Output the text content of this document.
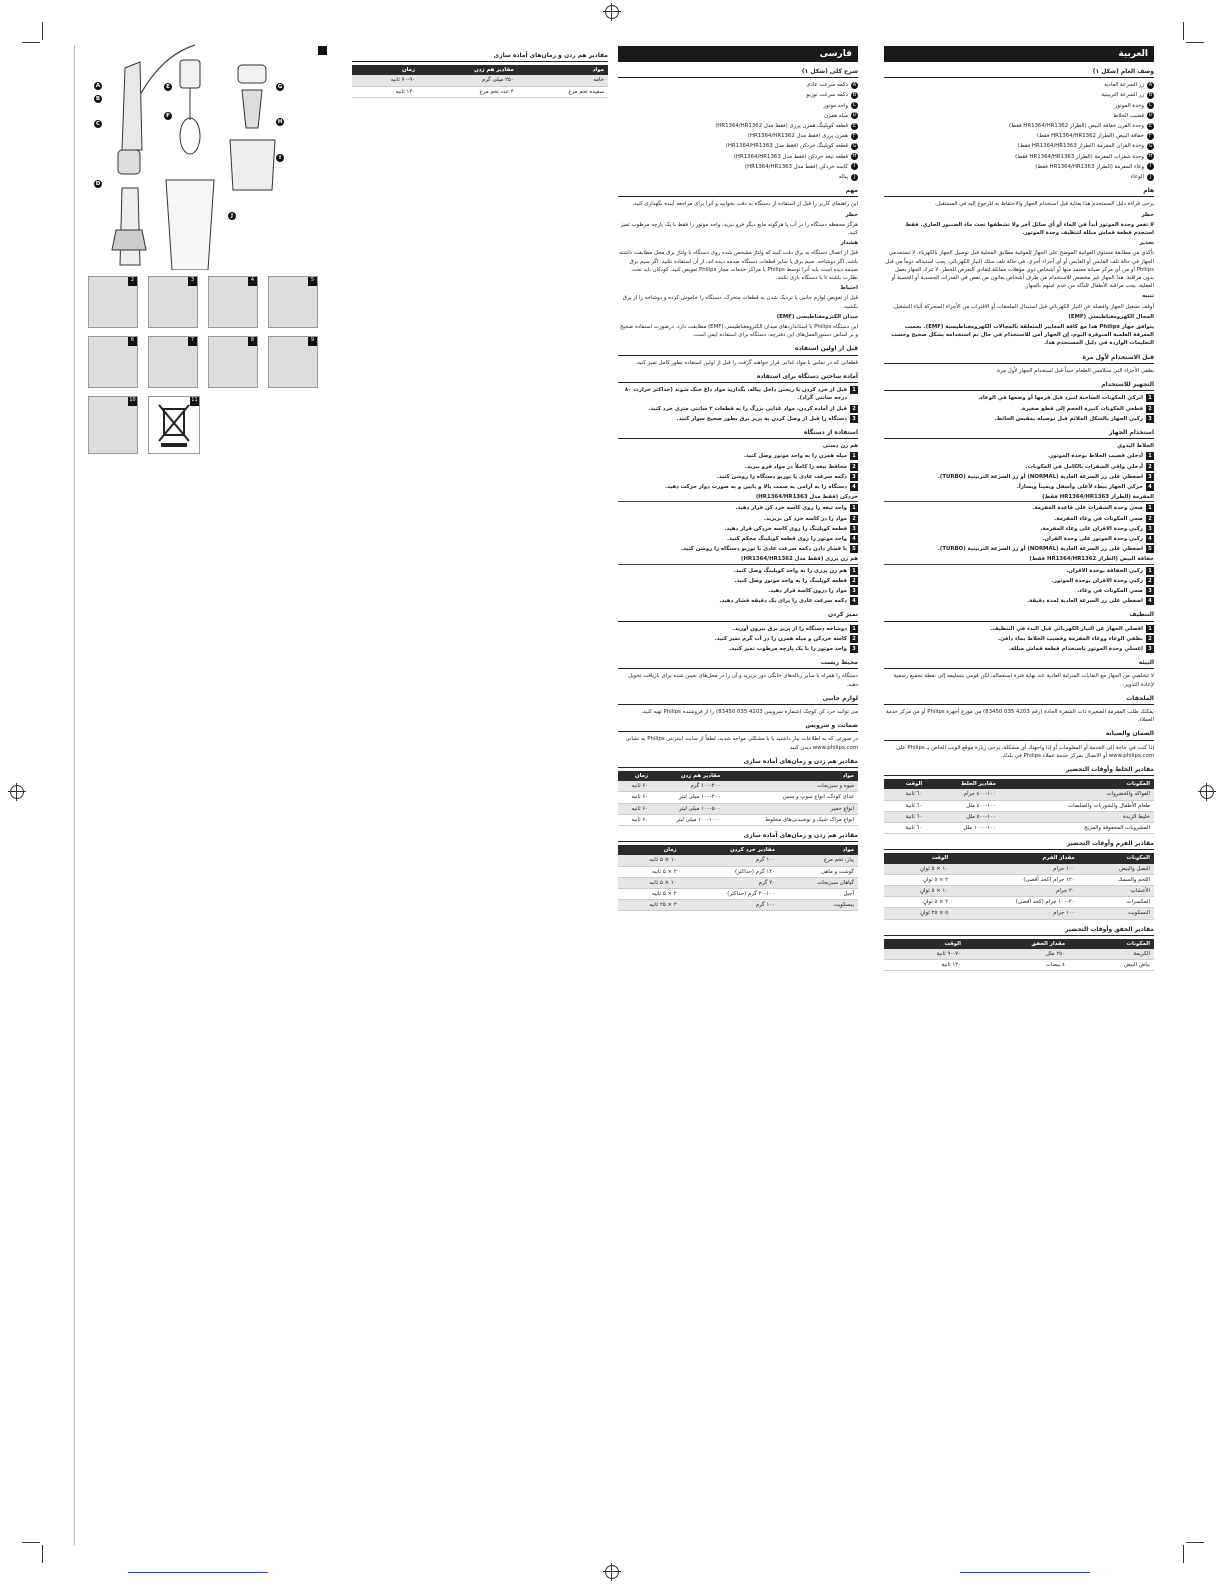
A
B
C
D
E
F
G
H
I
J
2	3	4	5
6	7	8	9
10	11
مقادیر هم زدن و زمان‌های آماده سازی
مواد	مقادیر هم زدن	زمان
خامه	۲۵۰ میلی گرم	۷۰-۹۰ ثانیه
سفیده تخم مرغ	۴ عدد تخم مرغ	۱۲۰ ثانیه
فارسی
شرح کلی (شکل ۱)

A
دکمه سرعت عادی

B
دکمه سرعت توربو

C
واحد موتور

D
میله همزن

E
قطعه کوپلینگ همزن پرزی (فقط مدل HR1364/HR1362)

F
همزن پرزی (فقط مدل HR1364/HR1362)

G
قطعه کوپلینگ خردکن (فقط مدل HR1364/HR1363)

H
قطعه تیغه خردکن (فقط مدل HR1364/HR1363)

I
کاسه خردکن (فقط مدل HR1364/HR1363)

J
پیاله

مهم

این راهنمای کاربر را قبل از استفاده از دستگاه به دقت بخوانید و آنرا برای مراجعه آینده نگهداری کنید.

خطر

هرگز محفظه دستگاه را در آب یا هرگونه مایع دیگر فرو نبرید. واحد موتور را فقط با یک پارچه مرطوب تمیز کنید.

هشدار

قبل از اتصال دستگاه به برق دقت کنید که ولتاژ مشخص شده روی دستگاه با ولتاژ برق محل مطابقت داشته باشد. اگر دوشاخه، سیم برق یا سایر قطعات دستگاه صدمه دیده اند، از آن استفاده نکنید. اگر سیم برق صدمه دیده است باید آنرا توسط Philips یا مراکز خدمات مجاز Philips تعویض کنید. کودکان باید تحت نظارت باشند تا با دستگاه بازی نکنند.

احتیاط

قبل از تعویض لوازم جانبی یا نزدیک شدن به قطعات متحرک، دستگاه را خاموش کرده و دوشاخه را از برق بکشید.

میدان الکترومغناطیسی (EMF)

این دستگاه Philips با استانداردهای میدان الکترومغناطیسی (EMF) مطابقت دارد. درصورت استفاده صحیح و بر اساس دستورالعمل‌های این دفترچه، دستگاه برای استفاده ایمن است.

قبل از اولین استفاده

قطعاتی که در تماس با مواد غذایی قرار خواهند گرفت را قبل از اولین استفاده بطور کامل تمیز کنید.

آماده ساختن دستگاه برای استفاده
1
قبل از خرد کردن یا ریختن داخل پیاله، بگذارید مواد داغ خنک شوند (حداکثر حرارت ۸۰ درجه سانتی گراد).
2
قبل از آماده کردن، مواد غذایی بزرگ را به قطعات ۲ سانتی متری خرد کنید.
3
دستگاه را قبل از وصل کردن به پریز برق بطور صحیح سوار کنید.
استفاده از دستگاه

هم زن دستی

1
میله همزن را به واحد موتور وصل کنید.
2
محافظ تیغه را کاملاً در مواد فرو ببرید.
3
دکمه سرعت عادی یا توربو دستگاه را روشن کنید.
4
دستگاه را به آرامی به سمت بالا و پایین و به صورت دوار حرکت دهید.

خردکن (فقط مدل HR1364/HR1363)

1
واحد تیغه را روی کاسه خرد کن قرار دهید.
2
مواد را در کاسه خرد کن بریزید.
3
قطعه کوپلینگ را روی کاسه خردکن قرار دهید.
4
واحد موتور را روی قطعه کوپلینگ محکم کنید.
5
با فشار دادن دکمه سرعت عادی یا توربو دستگاه را روشن کنید.

هم زن پرزی (فقط مدل HR1364/HR1362)

1
هم زن پرزی را به واحد کوپلینگ وصل کنید.
2
قطعه کوپلینگ را به واحد موتور وصل کنید.
3
مواد را درون کاسه قرار دهید.
4
دکمه سرعت عادی را برای یک دقیقه فشار دهید.
تمیز کردن
1
دوشاخه دستگاه را از پریز برق بیرون آورید.
2
کاسه خردکن و میله همزن را در آب گرم تمیز کنید.
3
واحد موتور را با یک پارچه مرطوب تمیز کنید.
محیط زیست

دستگاه را همراه با سایر زباله‌های خانگی دور نریزید و آن را در محل‌های تعیین شده برای بازیافت تحویل دهید.

لوازم جانبی

می توانید خرد کن کوچک (شماره سرویس 4203 035 83450) را از فروشنده Philips تهیه کنید.

ضمانت و سرویس

در صورتی که به اطلاعات نیاز داشتید یا با مشکلی مواجه شدید، لطفاً از سایت اینترنتی Philips به نشانی www.philips.com دیدن کنید.

مقادیر هم زدن و زمان‌های آماده سازی
مواد	مقادیر هم زدن	زمان
میوه و سبزیجات	۱۰۰-۴۰۰ گرم	۶۰ ثانیه
غذای کودک، انواع سوپ و سس	۱۰۰-۴۰۰ میلی لیتر	۶۰ ثانیه
انواع خمیر	۱۰۰-۵۰۰ میلی لیتر	۶۰ ثانیه
انواع مراک شیک و نوشیدنی‌های مخلوط	۱۰۰-۱۰۰۰ میلی لیتر	۶۰ ثانیه
مقادیر هم زدن و زمان‌های آماده سازی
مواد	مقادیر خرد کردن	زمان
پیاز، تخم مرغ	۱۰۰ گرم	۱۰ × ۵ ثانیه
گوشت و ماهی	۱۲۰ گرم (حداکثر)	۲ × ۵ ثانیه
گیاهان سبزیجات	۲۰ گرم	۱۰ × ۵ ثانیه
آجیل	۲۰-۱۰۰ گرم (حداکثر)	۲ × ۵ ثانیه
بیسکویت	۱۰۰ گرم	۲ × ۲۵ ثانیه
العربية
وصف العام (شكل ١)

A
زر السرعة العادية

B
زر السرعة التربينية

C
وحدة الموتور

D
قضيب الخلاط

E
وحدة القرن خفاقة البيض (الطراز HR1364/HR1362 فقط)

F
خفاقة البيض (الطراز HR1364/HR1362 فقط)

G
وحدة القران المفرمة (الطراز HR1364/HR1363 فقط)

H
وحدة شفرات المفرمة (الطراز HR1364/HR1363 فقط)

I
وعاء المفرمة (الطراز HR1364/HR1363 فقط)

J
الوعاء

هام

يرجى قراءة دليل المستخدم هذا بعناية قبل استخدام الجهاز والاحتفاظ به للرجوع إليه في المستقبل.

خطر

لا تغمر وحدة الموتور أبداً في الماء أو أي سائل آخر ولا تشطفها تحت ماء الصنبور الجاري. فقط استخدم قطعة قماش مبللة لتنظيف وحدة الموتور.

تحذير

تأكدي من مطابقة مستوى الفولتية الموضح على الجهاز للفولتية مطابق المحلية قبل توصيل الجهاز بالكهرباء. لا تستخدمي الجهاز في حالة تلف القابس أو القابس أو أي أجزاء أخرى. في حالة تلف سلك التيار الكهربائي، يجب استبداله دوماً من قبل Philips أو من أي مركز صيانة معتمد منها أو أشخاص ذوي مؤهلات مماثلة لتفادي التعرض للخطر. لا تترك الجهاز يعمل بدون مراقبة. هذا الجهاز غير مخصص للاستخدام من طرف أشخاص يعانون من نقص في القدرات الجسدية أو الحسية أو العقلية. يجب مراقبة الأطفال للتأكد من عدم عبثهم بالجهاز.

تنبيه

أوقف تشغيل الجهاز وافصله عن التيار الكهربائي قبل استبدال الملحقات أو الاقتراب من الأجزاء المتحركة أثناء التشغيل.

المجال الكهرومغناطيسي (EMF)

يتوافق جهاز Philips هذا مع كافة المعايير المتعلقة بالمجالات الكهرومغناطيسية (EMF). بحسب المعرفة العلمية المتوفرة اليوم، إن الجهاز آمن للاستخدام في حال تم استخدامه بشكل صحيح وحسب التعليمات الواردة في دليل المستخدم هذا.

قبل الاستخدام لأول مرة

نظفي الأجزاء التي ستلامس الطعام جيداً قبل استخدام الجهاز لأول مرة.

التجهيز للاستخدام
1
اتركي المكونات الساخنة لتبرد قبل فرمها أو وضعها في الوعاء.
2
قطعي المكونات كبيرة الحجم إلى قطع صغيرة.
3
ركبي الجهاز بالشكل الملائم قبل توصيله بمقبس الحائط.
استخدام الجهاز

الخلاط اليدوي

1
أدخلي قضيب الخلاط بوحدة الموتور.
2
أدخلي واقي الشفرات بالكامل في المكونات.
3
اضغطي على زر السرعة العادية (NORMAL) أو زر السرعة التربينية (TURBO).
4
حركي الجهاز ببطء لأعلى وأسفل ويميناً ويساراً.

المفرمة (الطراز HR1364/HR1363 فقط)

1
ضعي وحدة الشفرات على قاعدة المفرمة.
2
ضعي المكونات في وعاء المفرمة.
3
ركبي وحدة الاقران على وعاء المفرمة.
4
ركبي وحدة الموتور على وحدة القران.
5
اضغطي على زر السرعة العادية (NORMAL) أو زر السرعة التربينية (TURBO).

خفاقة البيض (الطراز HR1364/HR1362 فقط)

1
ركبي الخفاقة بوحدة الاقران.
2
ركبي وحدة الاقران بوحدة الموتور.
3
ضعي المكونات في وعاء.
4
اضغطي على زر السرعة العادية لمدة دقيقة.
التنظيف
1
افصلي الجهاز عن التيار الكهربائي قبل البدء في التنظيف.
2
نظفي الوعاء ووعاء المفرمة وقضيب الخلاط بماء دافئ.
3
اغسلي وحدة الموتور باستخدام قطعة قماش مبللة.
البيئة

لا تتخلصي من الجهاز مع النفايات المنزلية العادية عند نهاية فترة استعماله، لكن قومي بتسليمه إلى نقطة تجميع رسمية لإعادة التدوير.

الملحقات

يمكنك طلب المفرمة الصغيرة ذات الشفرة الحادة (رقم 4203 035 83450) من موزع أجهزة Philips أو من مركز خدمة العملاء.

الضمان والصيانة

إذا كنت في حاجة إلى الخدمة أو المعلومات أو إذا واجهتك أي مشكلة، يرجى زيارة موقع الويب الخاص بـ Philips على www.philips.com أو الاتصال بمركز خدمة عملاء Philips في بلدك.

مقادير الخلط وأوقات التحضير
المكونات	مقادير الخلط	الوقت
الفواكه والخضروات	١٠٠-٤٠٠ جرام	٦٠ ثانية
طعام الأطفال والشوربات والصلصات	١٠٠-٤٠٠ ملل	٦٠ ثانية
خليط الزبدة	١٠٠-٥٠٠ ملل	٦٠ ثانية
المشروبات المخفوقة والمزيج	١٠٠-١٠٠٠ ملل	٦٠ ثانية
مقادير الفرم وأوقات التحضير
المكونات	مقدار الفرم	الوقت
البصل والبيض	١٠٠ جرام	١٠ × ٥ ثوانٍ
اللحم والسمك	١٢٠ جرام (كحد أقصى)	٢ × ٥ ثوانٍ
الأعشاب	٢٠ جرام	١٠ × ٥ ثوانٍ
المكسرات	٢٠-١٠٠ جرام (كحد أقصى)	٢ × ٥ ثوانٍ
البسكويت	١٠٠ جرام	٥ × ٢٥ ثوانٍ
مقادير الخفق وأوقات التحضير
المكونات	مقدار الخفق	الوقت
الكريمة	٢٥٠ ملل	٧٠-٩٠ ثانية
بياض البيض	٤ بيضات	١٢٠ ثانية
